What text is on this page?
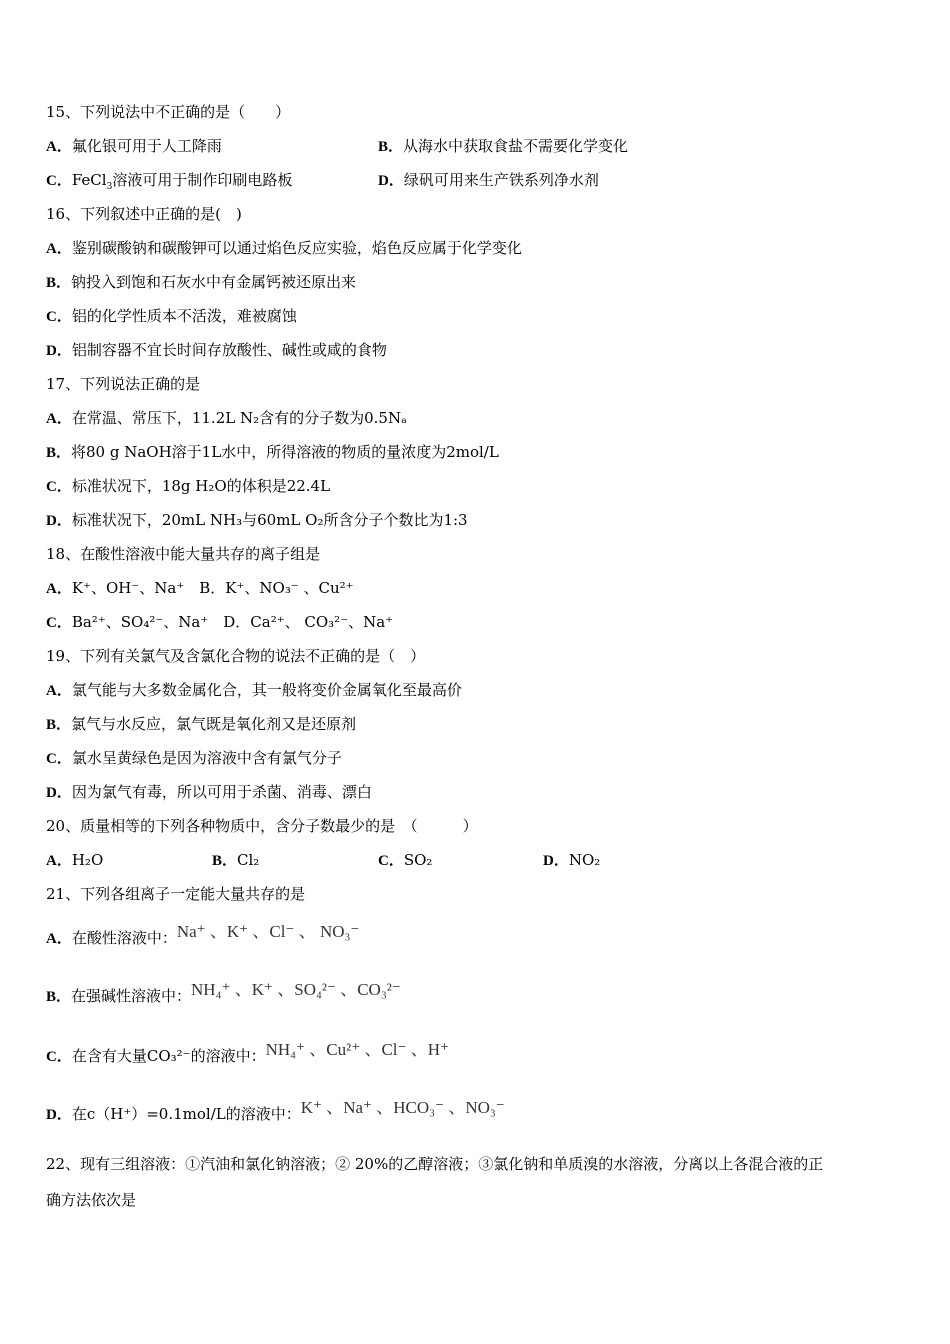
15、下列说法中不正确的是（　　）
A．氟化银可用于人工降雨	B．从海水中获取食盐不需要化学变化
C．FeCl$_3$溶液可用于制作印刷电路板	D．绿矾可用来生产铁系列净水剂
16、下列叙述中正确的是(　)
A．鉴别碳酸钠和碳酸钾可以通过焰色反应实验，焰色反应属于化学变化
B．钠投入到饱和石灰水中有金属钙被还原出来
C．铝的化学性质本不活泼，难被腐蚀
D．铝制容器不宜长时间存放酸性、碱性或咸的食物
17、下列说法正确的是
A．在常温、常压下，11.2L N₂含有的分子数为0.5Nₐ
B．将80 g NaOH溶于1L水中，所得溶液的物质的量浓度为2mol/L
C．标准状况下，18g H₂O的体积是22.4L
D．标准状况下，20mL NH₃与60mL O₂所含分子个数比为1:3
18、在酸性溶液中能大量共存的离子组是
A．K⁺、OH⁻、Na⁺　B．K⁺、NO₃⁻ 、Cu²⁺
C．Ba²⁺、SO₄²⁻、Na⁺　D．Ca²⁺、 CO₃²⁻、Na⁺
19、下列有关氯气及含氯化合物的说法不正确的是（　）
A．氯气能与大多数金属化合，其一般将变价金属氧化至最高价
B．氯气与水反应，氯气既是氧化剂又是还原剂
C．氯水呈黄绿色是因为溶液中含有氯气分子
D．因为氯气有毒，所以可用于杀菌、消毒、漂白
20、质量相等的下列各种物质中，含分子数最少的是　（　　　）
A．H₂O	B．Cl₂	C．SO₂	D．NO₂
21、下列各组离子一定能大量共存的是
A．在酸性溶液中：Na⁺ 、K⁺ 、Cl⁻ 、 NO₃⁻
B．在强碱性溶液中：NH₄⁺ 、K⁺ 、SO₄²⁻ 、CO₃²⁻
C．在含有大量CO₃²⁻的溶液中：NH₄⁺ 、Cu²⁺ 、Cl⁻ 、H⁺
D．在c（H⁺）=0.1mol/L的溶液中：K⁺ 、Na⁺ 、HCO₃⁻ 、NO₃⁻
22、现有三组溶液：①汽油和氯化钠溶液；② 20%的乙醇溶液；③氯化钠和单质溴的水溶液，分离以上各混合液的正
确方法依次是
